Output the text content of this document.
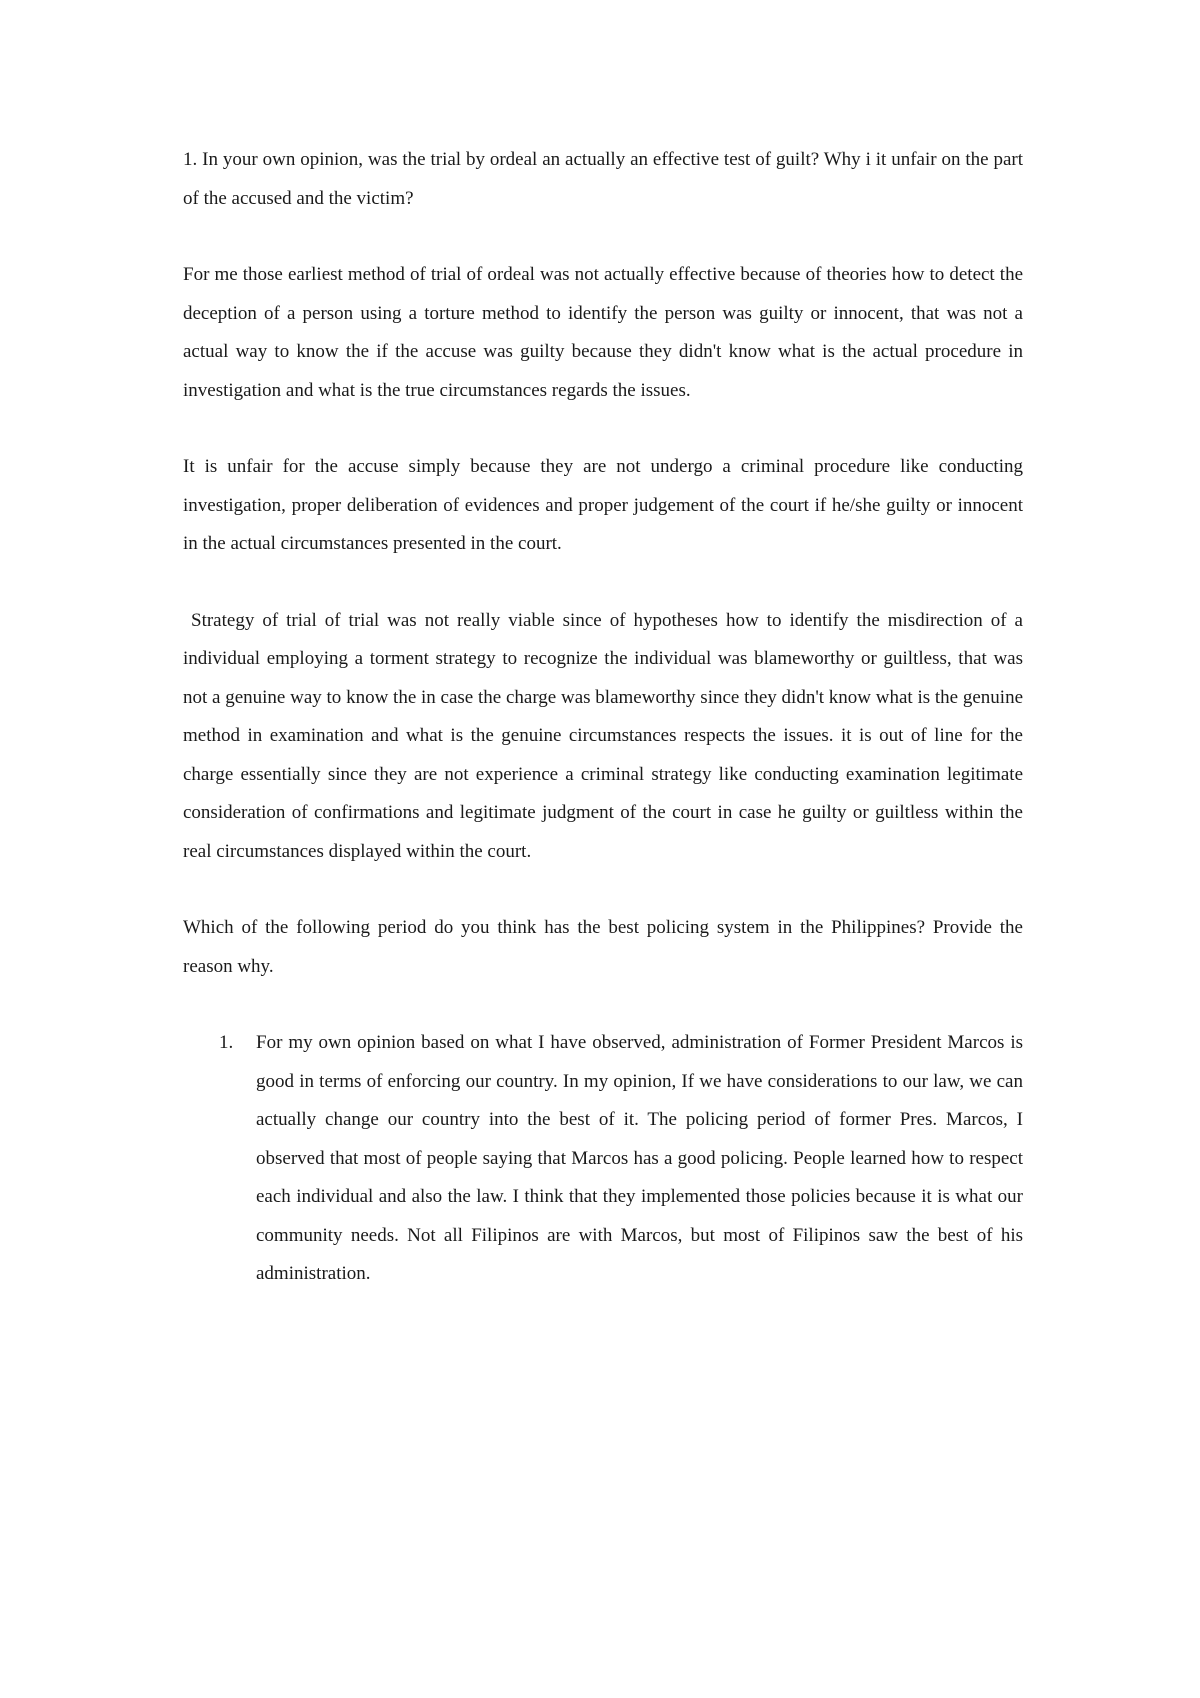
1. In your own opinion, was the trial by ordeal an actually an effective test of guilt? Why i it unfair on the part of the accused and the victim?

For me those earliest method of trial of ordeal was not actually effective because of theories how to detect the deception of a person using a torture method to identify the person was guilty or innocent, that was not a actual way to know the if the accuse was guilty because they didn't know what is the actual procedure in investigation and what is the true circumstances regards the issues.

It is unfair for the accuse simply because they are not undergo a criminal procedure like conducting investigation, proper deliberation of evidences and proper judgement of the court if he/she guilty or innocent in the actual circumstances presented in the court.

Strategy of trial of trial was not really viable since of hypotheses how to identify the misdirection of a individual employing a torment strategy to recognize the individual was blameworthy or guiltless, that was not a genuine way to know the in case the charge was blameworthy since they didn't know what is the genuine method in examination and what is the genuine circumstances respects the issues. it is out of line for the charge essentially since they are not experience a criminal strategy like conducting examination legitimate consideration of confirmations and legitimate judgment of the court in case he guilty or guiltless within the real circumstances displayed within the court.

Which of the following period do you think has the best policing system in the Philippines? Provide the reason why.

1. For my own opinion based on what I have observed, administration of Former President Marcos is good in terms of enforcing our country. In my opinion, If we have considerations to our law, we can actually change our country into the best of it. The policing period of former Pres. Marcos, I observed that most of people saying that Marcos has a good policing. People learned how to respect each individual and also the law. I think that they implemented those policies because it is what our community needs. Not all Filipinos are with Marcos, but most of Filipinos saw the best of his administration.
